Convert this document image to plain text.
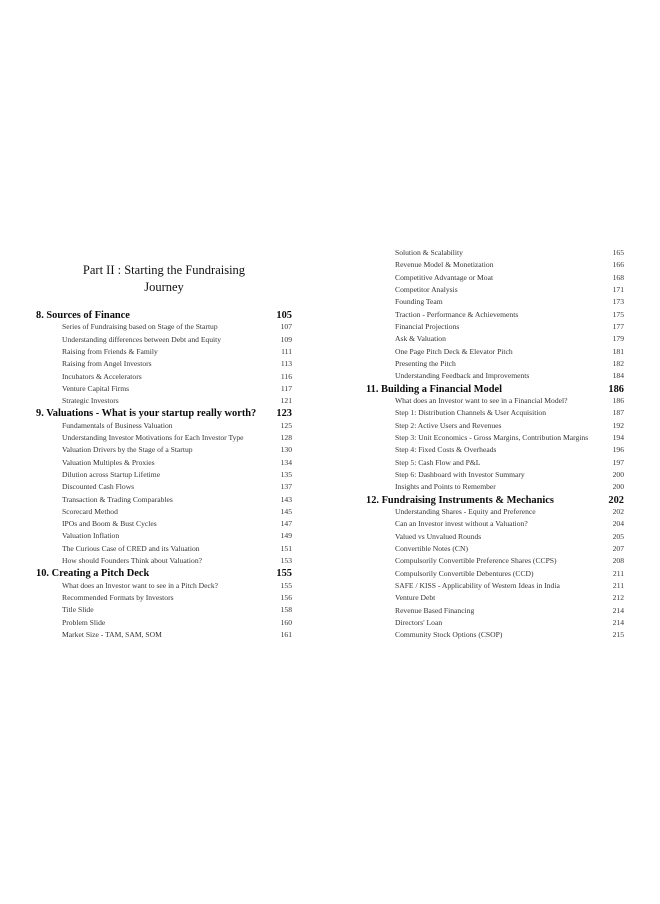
Part II : Starting the Fundraising
Journey
8. Sources of Finance	105
Series of Fundraising based on Stage of the Startup	107
Understanding differences between Debt and Equity	109
Raising from Friends & Family	111
Raising from Angel Investors	113
Incubators & Accelerators	116
Venture Capital Firms	117
Strategic Investors	121
9. Valuations - What is your startup really worth? 123
Fundamentals of Business Valuation	125
Understanding Investor Motivations for Each Investor Type	128
Valuation Drivers by the Stage of a Startup	130
Valuation Multiples & Proxies	134
Dilution across Startup Lifetime	135
Discounted Cash Flows	137
Transaction & Trading Comparables	143
Scorecard Method	145
IPOs and Boom & Bust Cycles	147
Valuation Inflation	149
The Curious Case of CRED and its Valuation	151
How should Founders Think about Valuation?	153
10. Creating a Pitch Deck	155
What does an Investor want to see in a Pitch Deck?	155
Recommended Formats by Investors	156
Title Slide	158
Problem Slide	160
Market Size - TAM, SAM, SOM	161
Solution & Scalability	165
Revenue Model & Monetization	166
Competitive Advantage or Moat	168
Competitor Analysis	171
Founding Team	173
Traction - Performance & Achievements	175
Financial Projections	177
Ask & Valuation	179
One Page Pitch Deck & Elevator Pitch	181
Presenting the Pitch	182
Understanding Feedback and Improvements	184
11. Building a Financial Model	186
What does an Investor want to see in a Financial Model?	186
Step 1: Distribution Channels & User Acquisition	187
Step 2: Active Users and Revenues	192
Step 3: Unit Economics - Gross Margins, Contribution Margins	194
Step 4: Fixed Costs & Overheads	196
Step 5: Cash Flow and P&L	197
Step 6: Dashboard with Investor Summary	200
Insights and Points to Remember	200
12. Fundraising Instruments & Mechanics	202
Understanding Shares - Equity and Preference	202
Can an Investor invest without a Valuation?	204
Valued vs Unvalued Rounds	205
Convertible Notes (CN)	207
Compulsorily Convertible Preference Shares (CCPS)	208
Compulsorily Convertible Debentures (CCD)	211
SAFE / KISS - Applicability of Western Ideas in India	211
Venture Debt	212
Revenue Based Financing	214
Directors' Loan	214
Community Stock Options (CSOP)	215
